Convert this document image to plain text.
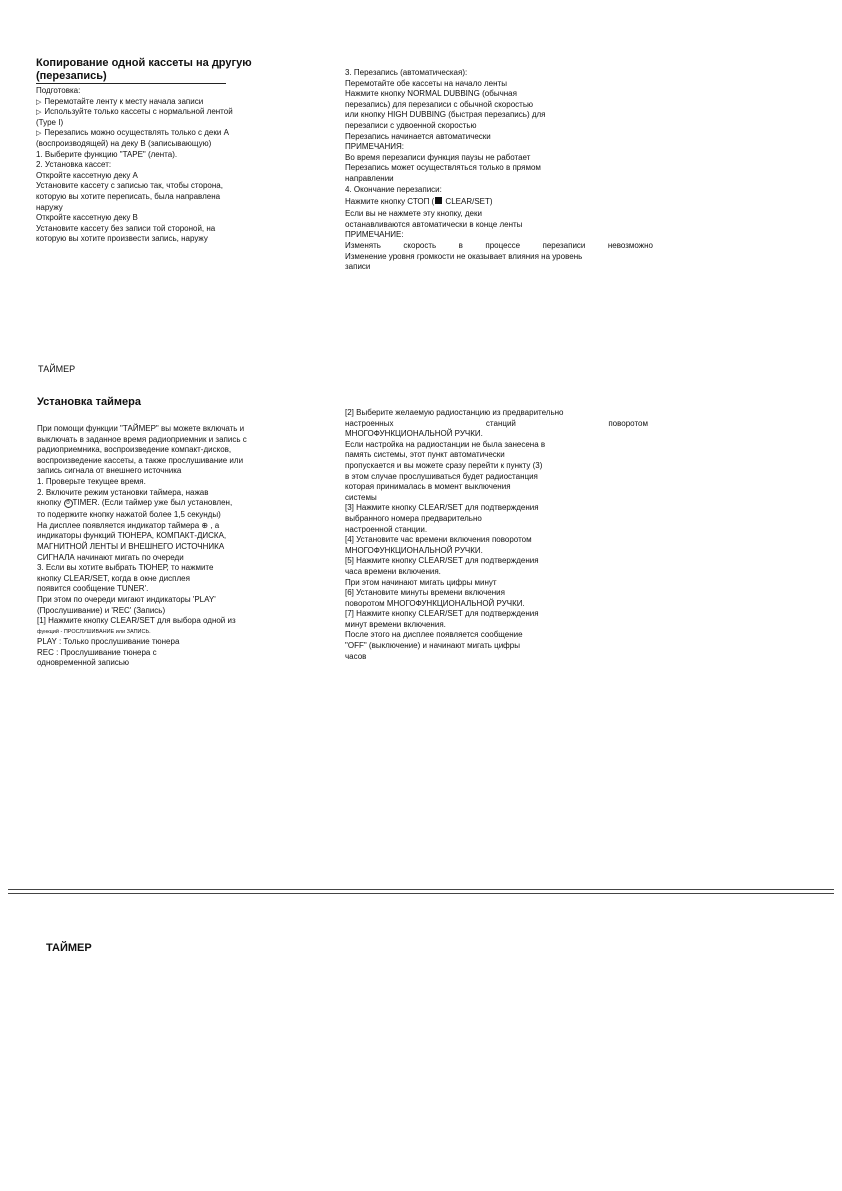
Копирование одной кассеты на другую
(перезапись)
Подготовка:
▷ Перемотайте ленту к месту начала записи
▷ Используйте только кассеты с нормальной лентой
(Type I)
▷ Перезапись можно осуществлять только с деки A
(воспроизводящей) на деку B (записывающую)
1. Выберите функцию "TAPE" (лента).
2. Установка кассет:
Откройте кассетную деку A
Установите кассету с записью так, чтобы сторона,
которую вы хотите переписать, была направлена
наружу
Откройте кассетную деку B
Установите кассету без записи той стороной, на
которую вы хотите произвести запись, наружу
3. Перезапись (автоматическая):
Перемотайте обе кассеты на начало ленты
Нажмите кнопку NORMAL DUBBING (обычная
перезапись) для перезаписи с обычной скоростью
или кнопку HIGH DUBBING (быстрая перезапись) для
перезаписи с удвоенной скоростью
Перезапись начинается автоматически
ПРИМЕЧАНИЯ:
Во время перезаписи функция паузы не работает
Перезапись может осуществляться только в прямом
направлении
4. Окончание перезаписи:
Нажмите кнопку СТОП ( CLEAR/SET)
Если вы не нажмете эту кнопку, деки
останавливаются автоматически в конце ленты
ПРИМЕЧАНИЕ:
Изменять	скорость	в	процессе	перезаписи	невозможно
Изменение уровня громкости не оказывает влияния на уровень
записи
ТАЙМЕР
Установка таймера
При помощи функции "ТАЙМЕР" вы можете включать и
выключать в заданное время радиоприемник и запись с
радиоприемника, воспроизведение компакт-дисков,
воспроизведение кассеты, а также прослушивание или
запись сигнала от внешнего источника
1. Проверьте текущее время.
2. Включите режим установки таймера, нажав
кнопку ⏱ TIMER. (Если таймер уже был установлен,
то подержите кнопку нажатой более 1,5 секунды)
На дисплее появляется индикатор таймера ⊕ , а
индикаторы функций ТЮНЕРА, КОМПАКТ-ДИСКА,
МАГНИТНОЙ ЛЕНТЫ И ВНЕШНЕГО ИСТОЧНИКА
СИГНАЛА начинают мигать по очереди
3. Если вы хотите выбрать ТЮНЕР, то нажмите
кнопку CLEAR/SET, когда в окне дисплея
появится сообщение TUNER'.
При этом по очереди мигают индикаторы 'PLAY'
(Прослушивание) и 'REC' (Запись)
[1] Нажмите кнопку CLEAR/SET для выбора одной из
функций - ПРОСЛУШИВАНИЕ или ЗАПИСЬ.
PLAY : Только прослушивание тюнера
REC : Прослушивание тюнера с
одновременной записью
[2] Выберите желаемую радиостанцию из предварительно
настроенных	станций	поворотом
МНОГОФУНКЦИОНАЛЬНОЙ РУЧКИ.
Если настройка на радиостанции не была занесена в
память системы, этот пункт автоматически
пропускается и вы можете сразу перейти к пункту (3)
в этом случае прослушиваться будет радиостанция
которая принималась в момент выключения
системы
[3] Нажмите кнопку CLEAR/SET для подтверждения
выбранного номера предварительно
настроенной станции.
[4] Установите час времени включения поворотом
МНОГОФУНКЦИОНАЛЬНОЙ РУЧКИ.
[5] Нажмите кнопку CLEAR/SET для подтверждения
часа времени включения.
При этом начинают мигать цифры минут
[6] Установите минуты времени включения
поворотом МНОГОФУНКЦИОНАЛЬНОЙ РУЧКИ.
[7] Нажмите кнопку CLEAR/SET для подтверждения
минут времени включения.
После этого на дисплее появляется сообщение
"OFF" (выключение) и начинают мигать цифры
часов
ТАЙМЕР
